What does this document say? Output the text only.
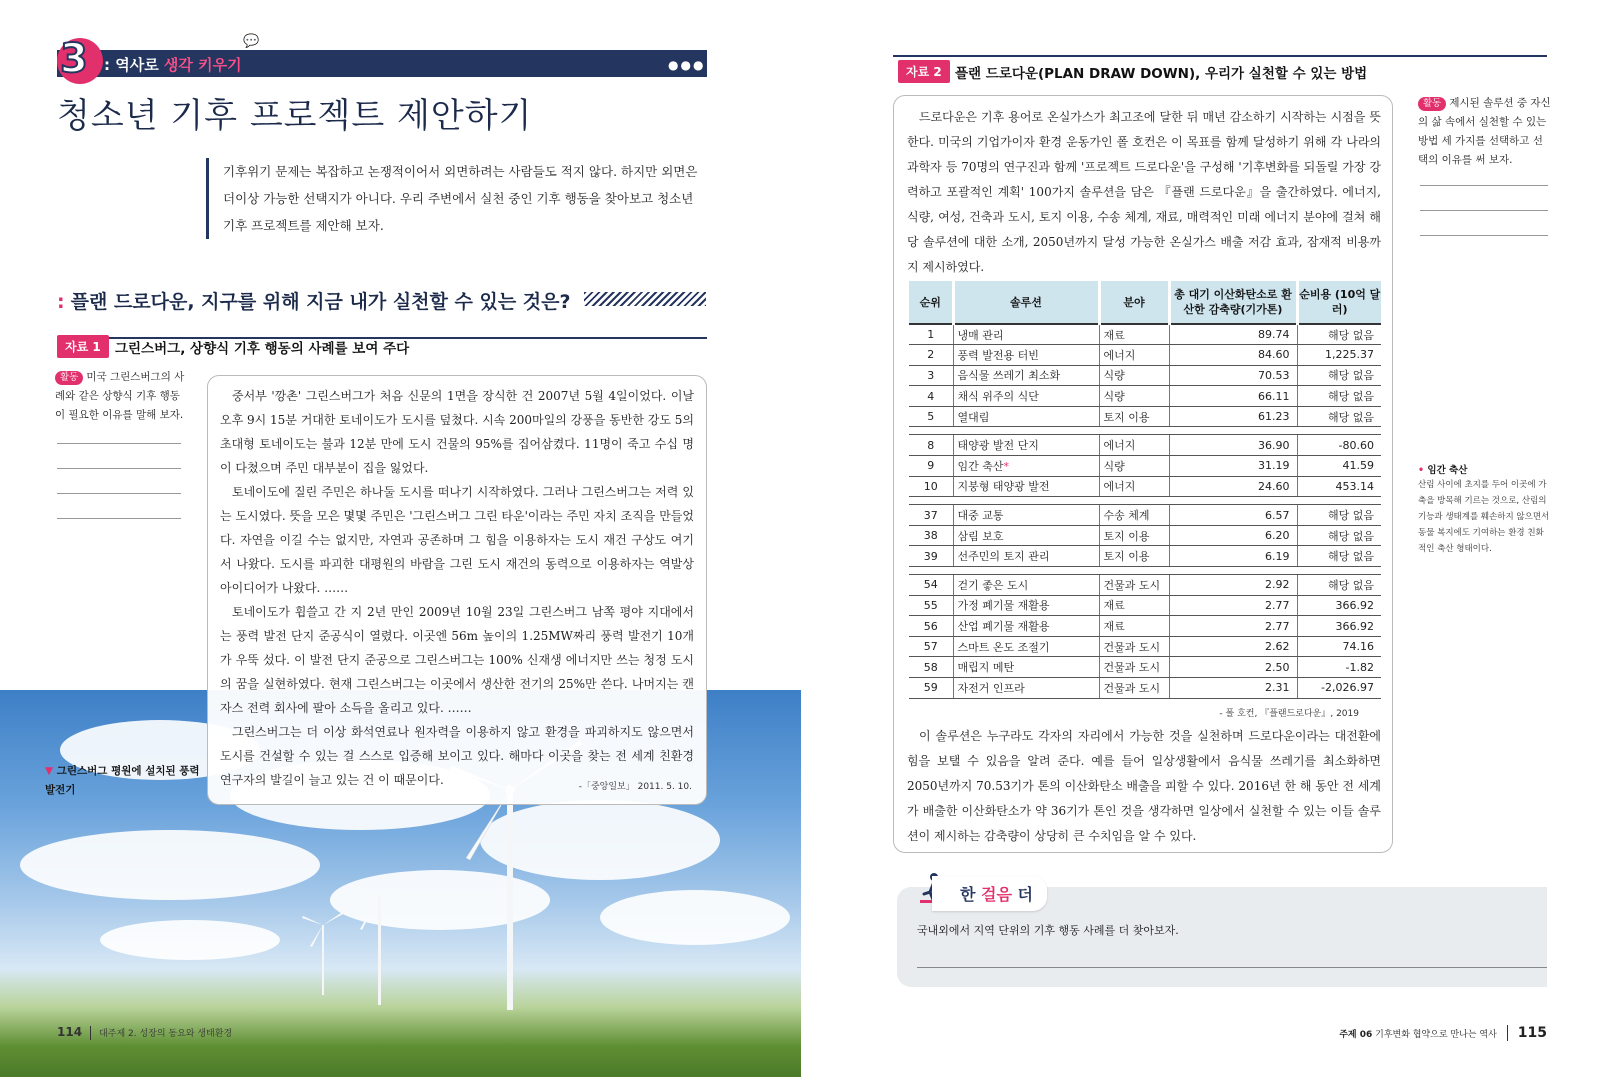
3 : 역사로 생각 키우기
💬
●●●
청소년 기후 프로젝트 제안하기
기후위기 문제는 복잡하고 논쟁적이어서 외면하려는 사람들도 적지 않다. 하지만 외면은 더이상 가능한 선택지가 아니다. 우리 주변에서 실천 중인 기후 행동을 찾아보고 청소년 기후 프로젝트를 제안해 보자.
: 플랜 드로다운, 지구를 위해 지금 내가 실천할 수 있는 것은?
자료 1	그린스버그, 상향식 기후 행동의 사례를 보여 주다
활동 미국 그린스버그의 사례와 같은 상향식 기후 행동이 필요한 이유를 말해 보자.

중서부 '깡촌' 그린스버그가 처음 신문의 1면을 장식한 건 2007년 5월 4일이었다. 이날 오후 9시 15분 거대한 토네이도가 도시를 덮쳤다. 시속 200마일의 강풍을 동반한 강도 5의 초대형 토네이도는 불과 12분 만에 도시 건물의 95%를 집어삼켰다. 11명이 죽고 수십 명이 다쳤으며 주민 대부분이 집을 잃었다.

토네이도에 질린 주민은 하나둘 도시를 떠나기 시작하였다. 그러나 그린스버그는 저력 있는 도시였다. 뜻을 모은 몇몇 주민은 '그린스버그 그린 타운'이라는 주민 자치 조직을 만들었다. 자연을 이길 수는 없지만, 자연과 공존하며 그 힘을 이용하자는 도시 재건 구상도 여기서 나왔다. 도시를 파괴한 대평원의 바람을 그린 도시 재건의 동력으로 이용하자는 역발상 아이디어가 나왔다. ……

토네이도가 휩쓸고 간 지 2년 만인 2009년 10월 23일 그린스버그 남쪽 평야 지대에서는 풍력 발전 단지 준공식이 열렸다. 이곳엔 56m 높이의 1.25MW짜리 풍력 발전기 10개가 우뚝 섰다. 이 발전 단지 준공으로 그린스버그는 100% 신재생 에너지만 쓰는 청정 도시의 꿈을 실현하였다. 현재 그린스버그는 이곳에서 생산한 전기의 25%만 쓴다. 나머지는 캔자스 전력 회사에 팔아 소득을 올리고 있다. ……

그린스버그는 더 이상 화석연료나 원자력을 이용하지 않고 환경을 파괴하지도 않으면서 도시를 건설할 수 있는 걸 스스로 입증해 보이고 있다. 해마다 이곳을 찾는 전 세계 친환경 연구자의 발길이 늘고 있는 건 이 때문이다.	-「중앙일보」 2011. 5. 10.
▼ 그린스버그 평원에 설치된 풍력 발전기
114 대주제 2. 성장의 동요와 생태환경
자료 2 플랜 드로다운(PLAN DRAW DOWN), 우리가 실천할 수 있는 방법
드로다운은 기후 용어로 온실가스가 최고조에 달한 뒤 매년 감소하기 시작하는 시점을 뜻한다. 미국의 기업가이자 환경 운동가인 폴 호컨은 이 목표를 함께 달성하기 위해 각 나라의 과학자 등 70명의 연구진과 함께 '프로젝트 드로다운'을 구성해 '기후변화를 되돌릴 가장 강력하고 포괄적인 계획' 100가지 솔루션을 담은 『플랜 드로다운』을 출간하였다. 에너지, 식량, 여성, 건축과 도시, 토지 이용, 수송 체계, 재료, 매력적인 미래 에너지 분야에 걸쳐 해당 솔루션에 대한 소개, 2050년까지 달성 가능한 온실가스 배출 저감 효과, 잠재적 비용까지 제시하였다.
순위	솔루션	분야	총 대기 이산화탄소로 환산한 감축량(기가톤)	순비용 (10억 달러)
1	냉매 관리	재료	89.74	해당 없음
2	풍력 발전용 터빈	에너지	84.60	1,225.37
3	음식물 쓰레기 최소화	식량	70.53	해당 없음
4	채식 위주의 식단	식량	66.11	해당 없음
5	열대림	토지 이용	61.23	해당 없음

8	태양광 발전 단지	에너지	36.90	-80.60
9	임간 축산*	식량	31.19	41.59
10	지붕형 태양광 발전	에너지	24.60	453.14

37	대중 교통	수송 체계	6.57	해당 없음
38	삼림 보호	토지 이용	6.20	해당 없음
39	선주민의 토지 관리	토지 이용	6.19	해당 없음

54	걷기 좋은 도시	건물과 도시	2.92	해당 없음
55	가정 폐기물 재활용	재료	2.77	366.92
56	산업 폐기물 재활용	재료	2.77	366.92
57	스마트 온도 조절기	건물과 도시	2.62	74.16
58	매립지 메탄	건물과 도시	2.50	-1.82
59	자전거 인프라	건물과 도시	2.31	-2,026.97
- 폴 호컨, 『플랜드로다운』, 2019
이 솔루션은 누구라도 각자의 자리에서 가능한 것을 실천하며 드로다운이라는 대전환에 힘을 보탤 수 있음을 알려 준다. 예를 들어 일상생활에서 음식물 쓰레기를 최소화하면 2050년까지 70.53기가 톤의 이산화탄소 배출을 피할 수 있다. 2016년 한 해 동안 전 세계가 배출한 이산화탄소가 약 36기가 톤인 것을 생각하면 일상에서 실천할 수 있는 이들 솔루션이 제시하는 감축량이 상당히 큰 수치임을 알 수 있다.
활동 제시된 솔루션 중 자신의 삶 속에서 실천할 수 있는 방법 세 가지를 선택하고 선택의 이유를 써 보자.
• 임간 축산
산림 사이에 초지를 두어 이곳에 가축을 방목해 기르는 것으로, 산림의 기능과 생태계를 훼손하지 않으면서 동물 복지에도 기여하는 환경 친화적인 축산 형태이다.
한 걸음 더
국내외에서 지역 단위의 기후 행동 사례를 더 찾아보자.
주제 06 기후변화 협약으로 만나는 역사 115
